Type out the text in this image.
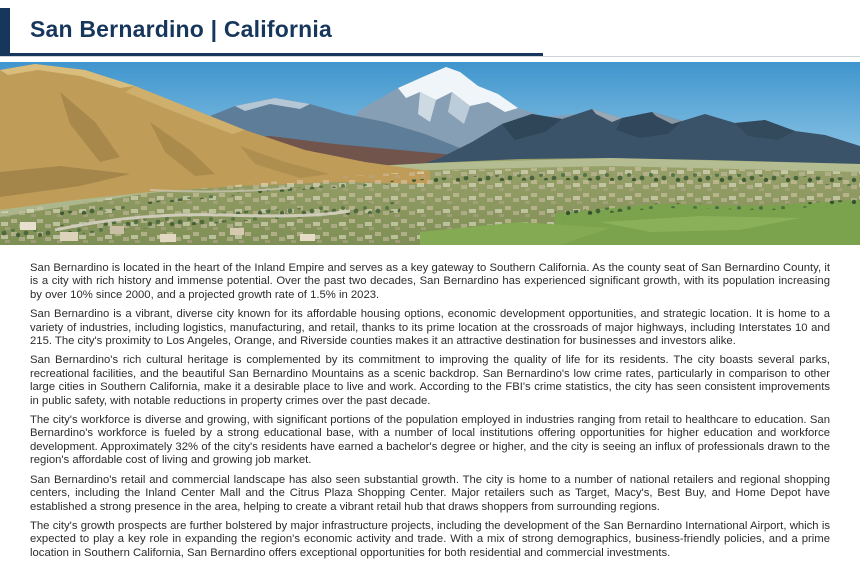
San Bernardino | California

San Bernardino is located in the heart of the Inland Empire and serves as a key gateway to Southern California. As the county seat of San Bernardino County, it is a city with rich history and immense potential. Over the past two decades, San Bernardino has experienced significant growth, with its population increasing by over 10% since 2000, and a projected growth rate of 1.5% in 2023.

San Bernardino is a vibrant, diverse city known for its affordable housing options, economic development opportunities, and strategic location. It is home to a variety of industries, including logistics, manufacturing, and retail, thanks to its prime location at the crossroads of major highways, including Interstates 10 and 215. The city's proximity to Los Angeles, Orange, and Riverside counties makes it an attractive destination for businesses and investors alike.

San Bernardino's rich cultural heritage is complemented by its commitment to improving the quality of life for its residents. The city boasts several parks, recreational facilities, and the beautiful San Bernardino Mountains as a scenic backdrop. San Bernardino's low crime rates, particularly in comparison to other large cities in Southern California, make it a desirable place to live and work. According to the FBI's crime statistics, the city has seen consistent improvements in public safety, with notable reductions in property crimes over the past decade.

The city's workforce is diverse and growing, with significant portions of the population employed in industries ranging from retail to healthcare to education. San Bernardino's workforce is fueled by a strong educational base, with a number of local institutions offering opportunities for higher education and workforce development. Approximately 32% of the city's residents have earned a bachelor's degree or higher, and the city is seeing an influx of professionals drawn to the region's affordable cost of living and growing job market.

San Bernardino's retail and commercial landscape has also seen substantial growth. The city is home to a number of national retailers and regional shopping centers, including the Inland Center Mall and the Citrus Plaza Shopping Center. Major retailers such as Target, Macy's, Best Buy, and Home Depot have established a strong presence in the area, helping to create a vibrant retail hub that draws shoppers from surrounding regions.

The city's growth prospects are further bolstered by major infrastructure projects, including the development of the San Bernardino International Airport, which is expected to play a key role in expanding the region's economic activity and trade. With a mix of strong demographics, business-friendly policies, and a prime location in Southern California, San Bernardino offers exceptional opportunities for both residential and commercial investments.
